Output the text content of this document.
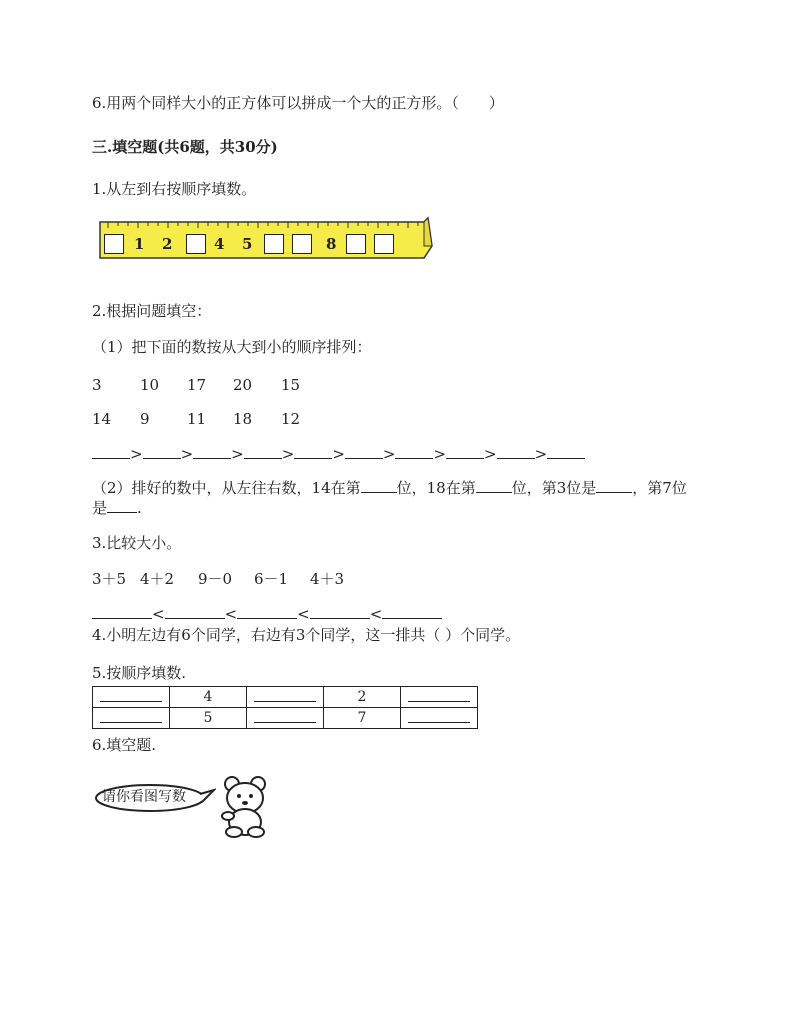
6.用两个同样大小的正方体可以拼成一个大的正方形。（　　）
三.填空题(共6题，共30分)
1.从左到右按顺序填数。
1 2	4 5	8
2.根据问题填空：
（1）把下面的数按从大到小的顺序排列：
3	10 17 20 15
14 9 11 18 12
>	>	>	>	>	>	>	>	>
（2）排好的数中，从左往右数，14在第 位，18在第 位，第3位是 ，第7位
是 .
3.比较大小。
3＋5 4＋2 9－0 6－1 4＋3
<	<	<	<
4.小明左边有6个同学，右边有3个同学，这一排共（ ）个同学。
5.按顺序填数.
	4		2	
	5		7	
6.填空题.
请你看图写数
